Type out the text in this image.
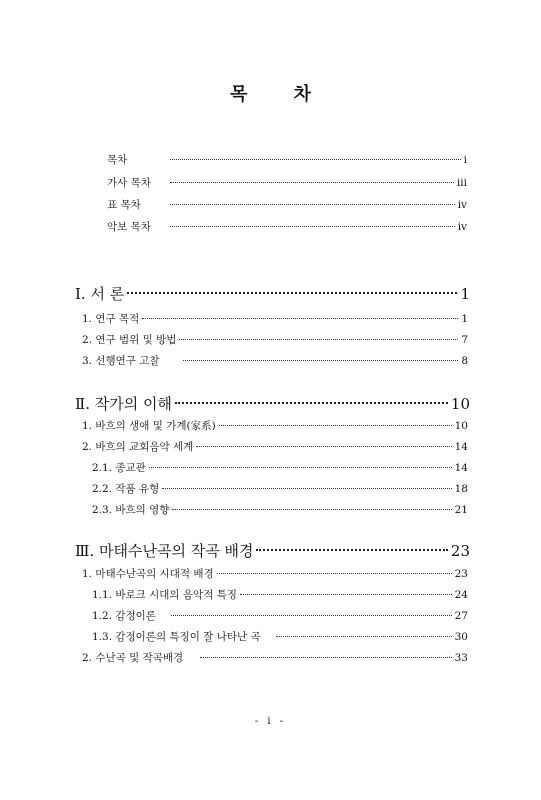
목 차
목차	i
가사 목차	iii
표 목차	iv
악보 목차	iv
Ⅰ. 서 론	1
1. 연구 목적	1
2. 연구 범위 및 방법	7
3. 선행연구 고찰	8
Ⅱ. 작가의 이해	10
1. 바흐의 생애 및 가계(家系)	10
2. 바흐의 교회음악 세계	14
2.1. 종교관	14
2.2. 작품 유형	18
2.3. 바흐의 영향	21
Ⅲ. 마태수난곡의 작곡 배경	23
1. 마태수난곡의 시대적 배경	23
1.1. 바로크 시대의 음악적 특징	24
1.2. 감정이론	27
1.3. 감정이론의 특징이 잘 나타난 곡	30
2. 수난곡 및 작곡배경	33
- i -
